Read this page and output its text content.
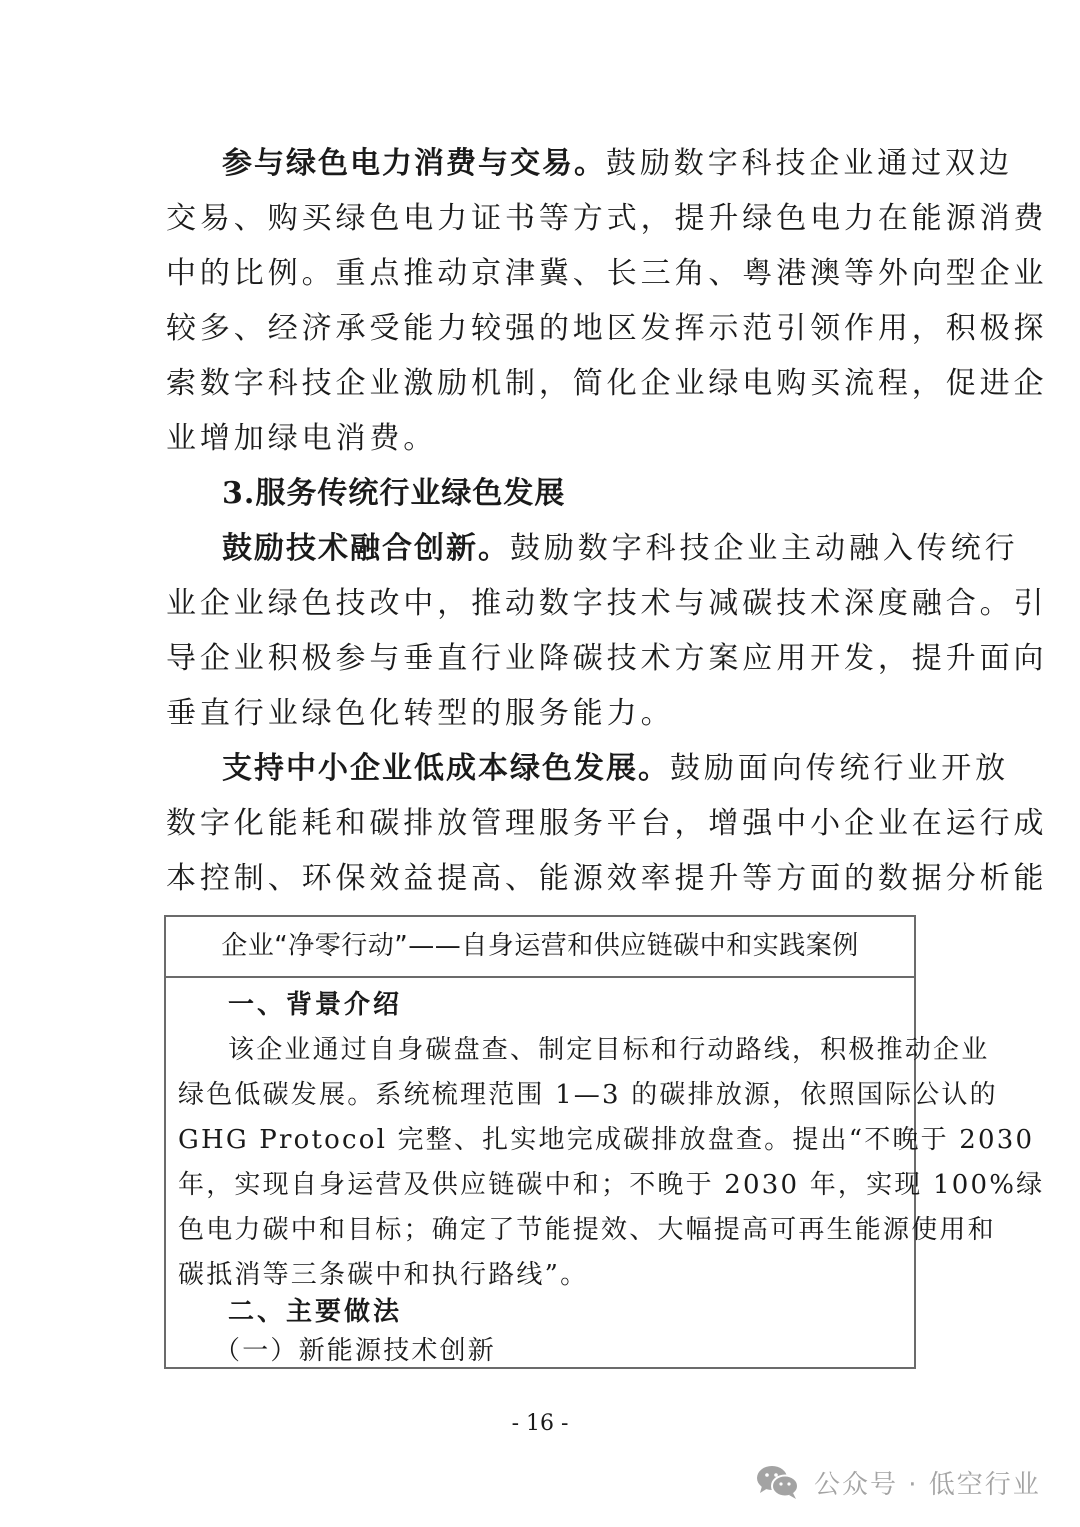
参与绿色电力消费与交易。鼓励数字科技企业通过双边
交易、购买绿色电力证书等方式，提升绿色电力在能源消费
中的比例。重点推动京津冀、长三角、粤港澳等外向型企业
较多、经济承受能力较强的地区发挥示范引领作用，积极探
索数字科技企业激励机制，简化企业绿电购买流程，促进企
业增加绿电消费。
3.服务传统行业绿色发展
鼓励技术融合创新。鼓励数字科技企业主动融入传统行
业企业绿色技改中，推动数字技术与减碳技术深度融合。引
导企业积极参与垂直行业降碳技术方案应用开发，提升面向
垂直行业绿色化转型的服务能力。
支持中小企业低成本绿色发展。鼓励面向传统行业开放
数字化能耗和碳排放管理服务平台，增强中小企业在运行成
本控制、环保效益提高、能源效率提升等方面的数据分析能
企业“净零行动”——自身运营和供应链碳中和实践案例
一、背景介绍
该企业通过自身碳盘查、制定目标和行动路线，积极推动企业
绿色低碳发展。系统梳理范围 1—3 的碳排放源，依照国际公认的
GHG Protocol 完整、扎实地完成碳排放盘查。提出“不晚于 2030
年，实现自身运营及供应链碳中和；不晚于 2030 年，实现 100%绿
色电力碳中和目标；确定了节能提效、大幅提高可再生能源使用和
碳抵消等三条碳中和执行路线”。
二、主要做法
（一）新能源技术创新
- 16 -
公众号 · 低空行业
